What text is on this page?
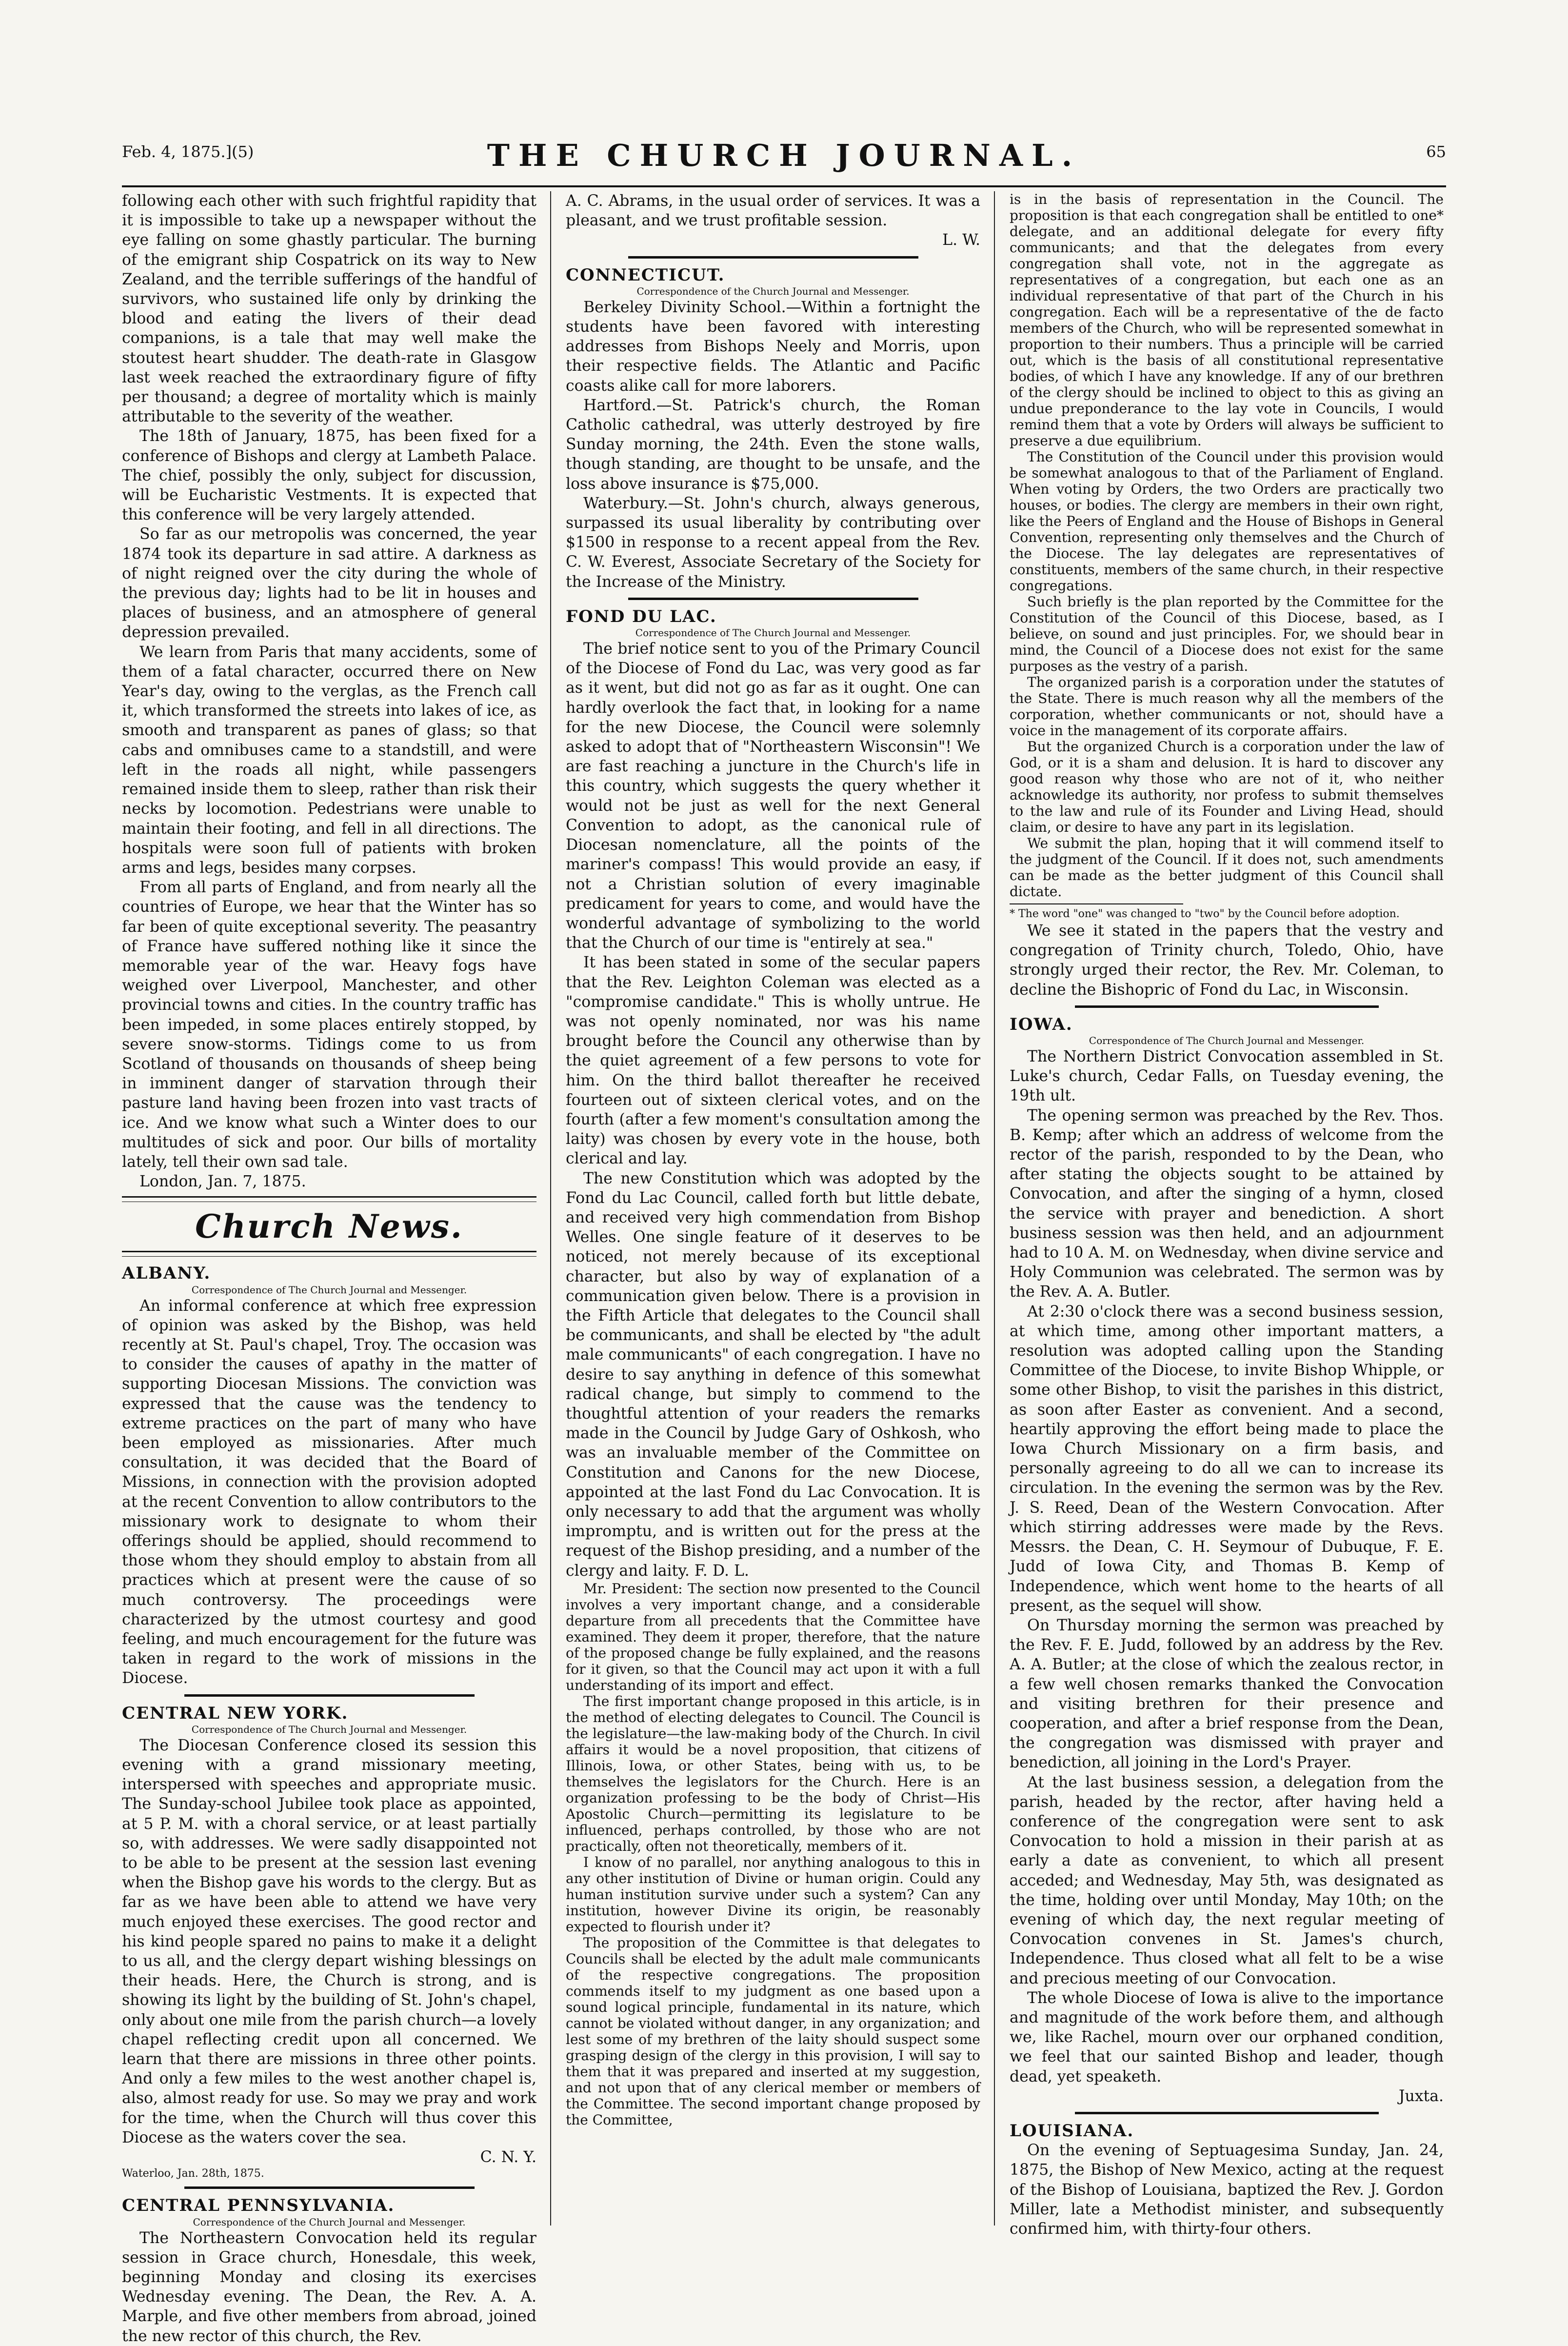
Feb. 4, 1875.](5)	THE CHURCH JOURNAL.	65

following each other with such frightful rapidity that it is impossible to take up a newspaper without the eye falling on some ghastly particular. The burning of the emigrant ship Cospatrick on its way to New Zealand, and the terrible sufferings of the handful of survivors, who sustained life only by drinking the blood and eating the livers of their dead companions, is a tale that may well make the stoutest heart shudder. The death-rate in Glasgow last week reached the extraordinary figure of fifty per thousand; a degree of mortality which is mainly attributable to the severity of the weather.

The 18th of January, 1875, has been fixed for a conference of Bishops and clergy at Lambeth Palace. The chief, possibly the only, subject for discussion, will be Eucharistic Vestments. It is expected that this conference will be very largely attended.

So far as our metropolis was concerned, the year 1874 took its departure in sad attire. A darkness as of night reigned over the city during the whole of the previous day; lights had to be lit in houses and places of business, and an atmosphere of general depression prevailed.

We learn from Paris that many accidents, some of them of a fatal character, occurred there on New Year's day, owing to the verglas, as the French call it, which transformed the streets into lakes of ice, as smooth and transparent as panes of glass; so that cabs and omnibuses came to a standstill, and were left in the roads all night, while passengers remained inside them to sleep, rather than risk their necks by locomotion. Pedestrians were unable to maintain their footing, and fell in all directions. The hospitals were soon full of patients with broken arms and legs, besides many corpses.

From all parts of England, and from nearly all the countries of Europe, we hear that the Winter has so far been of quite exceptional severity. The peasantry of France have suffered nothing like it since the memorable year of the war. Heavy fogs have weighed over Liverpool, Manchester, and other provincial towns and cities. In the country traffic has been impeded, in some places entirely stopped, by severe snow-storms. Tidings come to us from Scotland of thousands on thousands of sheep being in imminent danger of starvation through their pasture land having been frozen into vast tracts of ice. And we know what such a Winter does to our multitudes of sick and poor. Our bills of mortality lately, tell their own sad tale.

London, Jan. 7, 1875.

Church News.
ALBANY.
Correspondence of The Church Journal and Messenger.

An informal conference at which free expression of opinion was asked by the Bishop, was held recently at St. Paul's chapel, Troy. The occasion was to consider the causes of apathy in the matter of supporting Diocesan Missions. The conviction was expressed that the cause was the tendency to extreme practices on the part of many who have been employed as missionaries. After much consultation, it was decided that the Board of Missions, in connection with the provision adopted at the recent Convention to allow contributors to the missionary work to designate to whom their offerings should be applied, should recommend to those whom they should employ to abstain from all practices which at present were the cause of so much controversy. The proceedings were characterized by the utmost courtesy and good feeling, and much encouragement for the future was taken in regard to the work of missions in the Diocese.

CENTRAL NEW YORK.
Correspondence of The Church Journal and Messenger.

The Diocesan Conference closed its session this evening with a grand missionary meeting, interspersed with speeches and appropriate music. The Sunday-school Jubilee took place as appointed, at 5 P. M. with a choral service, or at least partially so, with addresses. We were sadly disappointed not to be able to be present at the session last evening when the Bishop gave his words to the clergy. But as far as we have been able to attend we have very much enjoyed these exercises. The good rector and his kind people spared no pains to make it a delight to us all, and the clergy depart wishing blessings on their heads. Here, the Church is strong, and is showing its light by the building of St. John's chapel, only about one mile from the parish church—a lovely chapel reflecting credit upon all concerned. We learn that there are missions in three other points. And only a few miles to the west another chapel is, also, almost ready for use. So may we pray and work for the time, when the Church will thus cover this Diocese as the waters cover the sea.

C. N. Y.

Waterloo, Jan. 28th, 1875.

CENTRAL PENNSYLVANIA.
Correspondence of the Church Journal and Messenger.

The Northeastern Convocation held its regular session in Grace church, Honesdale, this week, beginning Monday and closing its exercises Wednesday evening. The Dean, the Rev. A. A. Marple, and five other members from abroad, joined the new rector of this church, the Rev.

A. C. Abrams, in the usual order of services. It was a pleasant, and we trust profitable session.

L. W.

CONNECTICUT.
Correspondence of the Church Journal and Messenger.

Berkeley Divinity School.—Within a fortnight the students have been favored with interesting addresses from Bishops Neely and Morris, upon their respective fields. The Atlantic and Pacific coasts alike call for more laborers.

Hartford.—St. Patrick's church, the Roman Catholic cathedral, was utterly destroyed by fire Sunday morning, the 24th. Even the stone walls, though standing, are thought to be unsafe, and the loss above insurance is $75,000.

Waterbury.—St. John's church, always generous, surpassed its usual liberality by contributing over $1500 in response to a recent appeal from the Rev. C. W. Everest, Associate Secretary of the Society for the Increase of the Ministry.

FOND DU LAC.
Correspondence of The Church Journal and Messenger.

The brief notice sent to you of the Primary Council of the Diocese of Fond du Lac, was very good as far as it went, but did not go as far as it ought. One can hardly overlook the fact that, in looking for a name for the new Diocese, the Council were solemnly asked to adopt that of "Northeastern Wisconsin"! We are fast reaching a juncture in the Church's life in this country, which suggests the query whether it would not be just as well for the next General Convention to adopt, as the canonical rule of Diocesan nomenclature, all the points of the mariner's compass! This would provide an easy, if not a Christian solution of every imaginable predicament for years to come, and would have the wonderful advantage of symbolizing to the world that the Church of our time is "entirely at sea."

It has been stated in some of the secular papers that the Rev. Leighton Coleman was elected as a "compromise candidate." This is wholly untrue. He was not openly nominated, nor was his name brought before the Council any otherwise than by the quiet agreement of a few persons to vote for him. On the third ballot thereafter he received fourteen out of sixteen clerical votes, and on the fourth (after a few moment's consultation among the laity) was chosen by every vote in the house, both clerical and lay.

The new Constitution which was adopted by the Fond du Lac Council, called forth but little debate, and received very high commendation from Bishop Welles. One single feature of it deserves to be noticed, not merely because of its exceptional character, but also by way of explanation of a communication given below. There is a provision in the Fifth Article that delegates to the Council shall be communicants, and shall be elected by "the adult male communicants" of each congregation. I have no desire to say anything in defence of this somewhat radical change, but simply to commend to the thoughtful attention of your readers the remarks made in the Council by Judge Gary of Oshkosh, who was an invaluable member of the Committee on Constitution and Canons for the new Diocese, appointed at the last Fond du Lac Convocation. It is only necessary to add that the argument was wholly impromptu, and is written out for the press at the request of the Bishop presiding, and a number of the clergy and laity. F. D. L.

Mr. President: The section now presented to the Council involves a very important change, and a considerable departure from all precedents that the Committee have examined. They deem it proper, therefore, that the nature of the proposed change be fully explained, and the reasons for it given, so that the Council may act upon it with a full understanding of its import and effect.

The first important change proposed in this article, is in the method of electing delegates to Council. The Council is the legislature—the law-making body of the Church. In civil affairs it would be a novel proposition, that citizens of Illinois, Iowa, or other States, being with us, to be themselves the legislators for the Church. Here is an organization professing to be the body of Christ—His Apostolic Church—permitting its legislature to be influenced, perhaps controlled, by those who are not practically, often not theoretically, members of it.

I know of no parallel, nor anything analogous to this in any other institution of Divine or human origin. Could any human institution survive under such a system? Can any institution, however Divine its origin, be reasonably expected to flourish under it?

The proposition of the Committee is that delegates to Councils shall be elected by the adult male communicants of the respective congregations. The proposition commends itself to my judgment as one based upon a sound logical principle, fundamental in its nature, which cannot be violated without danger, in any organization; and lest some of my brethren of the laity should suspect some grasping design of the clergy in this provision, I will say to them that it was prepared and inserted at my suggestion, and not upon that of any clerical member or members of the Committee. The second important change proposed by the Committee,

is in the basis of representation in the Council. The proposition is that each congregation shall be entitled to one* delegate, and an additional delegate for every fifty communicants; and that the delegates from every congregation shall vote, not in the aggregate as representatives of a congregation, but each one as an individual representative of that part of the Church in his congregation. Each will be a representative of the de facto members of the Church, who will be represented somewhat in proportion to their numbers. Thus a principle will be carried out, which is the basis of all constitutional representative bodies, of which I have any knowledge. If any of our brethren of the clergy should be inclined to object to this as giving an undue preponderance to the lay vote in Councils, I would remind them that a vote by Orders will always be sufficient to preserve a due equilibrium.

The Constitution of the Council under this provision would be somewhat analogous to that of the Parliament of England. When voting by Orders, the two Orders are practically two houses, or bodies. The clergy are members in their own right, like the Peers of England and the House of Bishops in General Convention, representing only themselves and the Church of the Diocese. The lay delegates are representatives of constituents, members of the same church, in their respective congregations.

Such briefly is the plan reported by the Committee for the Constitution of the Council of this Diocese, based, as I believe, on sound and just principles. For, we should bear in mind, the Council of a Diocese does not exist for the same purposes as the vestry of a parish.

The organized parish is a corporation under the statutes of the State. There is much reason why all the members of the corporation, whether communicants or not, should have a voice in the management of its corporate affairs.

But the organized Church is a corporation under the law of God, or it is a sham and delusion. It is hard to discover any good reason why those who are not of it, who neither acknowledge its authority, nor profess to submit themselves to the law and rule of its Founder and Living Head, should claim, or desire to have any part in its legislation.

We submit the plan, hoping that it will commend itself to the judgment of the Council. If it does not, such amendments can be made as the better judgment of this Council shall dictate.

* The word "one" was changed to "two" by the Council before adoption.

We see it stated in the papers that the vestry and congregation of Trinity church, Toledo, Ohio, have strongly urged their rector, the Rev. Mr. Coleman, to decline the Bishopric of Fond du Lac, in Wisconsin.

IOWA.
Correspondence of The Church Journal and Messenger.

The Northern District Convocation assembled in St. Luke's church, Cedar Falls, on Tuesday evening, the 19th ult.

The opening sermon was preached by the Rev. Thos. B. Kemp; after which an address of welcome from the rector of the parish, responded to by the Dean, who after stating the objects sought to be attained by Convocation, and after the singing of a hymn, closed the service with prayer and benediction. A short business session was then held, and an adjournment had to 10 A. M. on Wednesday, when divine service and Holy Communion was celebrated. The sermon was by the Rev. A. A. Butler.

At 2:30 o'clock there was a second business session, at which time, among other important matters, a resolution was adopted calling upon the Standing Committee of the Diocese, to invite Bishop Whipple, or some other Bishop, to visit the parishes in this district, as soon after Easter as convenient. And a second, heartily approving the effort being made to place the Iowa Church Missionary on a firm basis, and personally agreeing to do all we can to increase its circulation. In the evening the sermon was by the Rev. J. S. Reed, Dean of the Western Convocation. After which stirring addresses were made by the Revs. Messrs. the Dean, C. H. Seymour of Dubuque, F. E. Judd of Iowa City, and Thomas B. Kemp of Independence, which went home to the hearts of all present, as the sequel will show.

On Thursday morning the sermon was preached by the Rev. F. E. Judd, followed by an address by the Rev. A. A. Butler; at the close of which the zealous rector, in a few well chosen remarks thanked the Convocation and visiting brethren for their presence and cooperation, and after a brief response from the Dean, the congregation was dismissed with prayer and benediction, all joining in the Lord's Prayer.

At the last business session, a delegation from the parish, headed by the rector, after having held a conference of the congregation were sent to ask Convocation to hold a mission in their parish at as early a date as convenient, to which all present acceded; and Wednesday, May 5th, was designated as the time, holding over until Monday, May 10th; on the evening of which day, the next regular meeting of Convocation convenes in St. James's church, Independence. Thus closed what all felt to be a wise and precious meeting of our Convocation.

The whole Diocese of Iowa is alive to the importance and magnitude of the work before them, and although we, like Rachel, mourn over our orphaned condition, we feel that our sainted Bishop and leader, though dead, yet speaketh.

Juxta.

LOUISIANA.

On the evening of Septuagesima Sunday, Jan. 24, 1875, the Bishop of New Mexico, acting at the request of the Bishop of Louisiana, baptized the Rev. J. Gordon Miller, late a Methodist minister, and subsequently confirmed him, with thirty-four others.
